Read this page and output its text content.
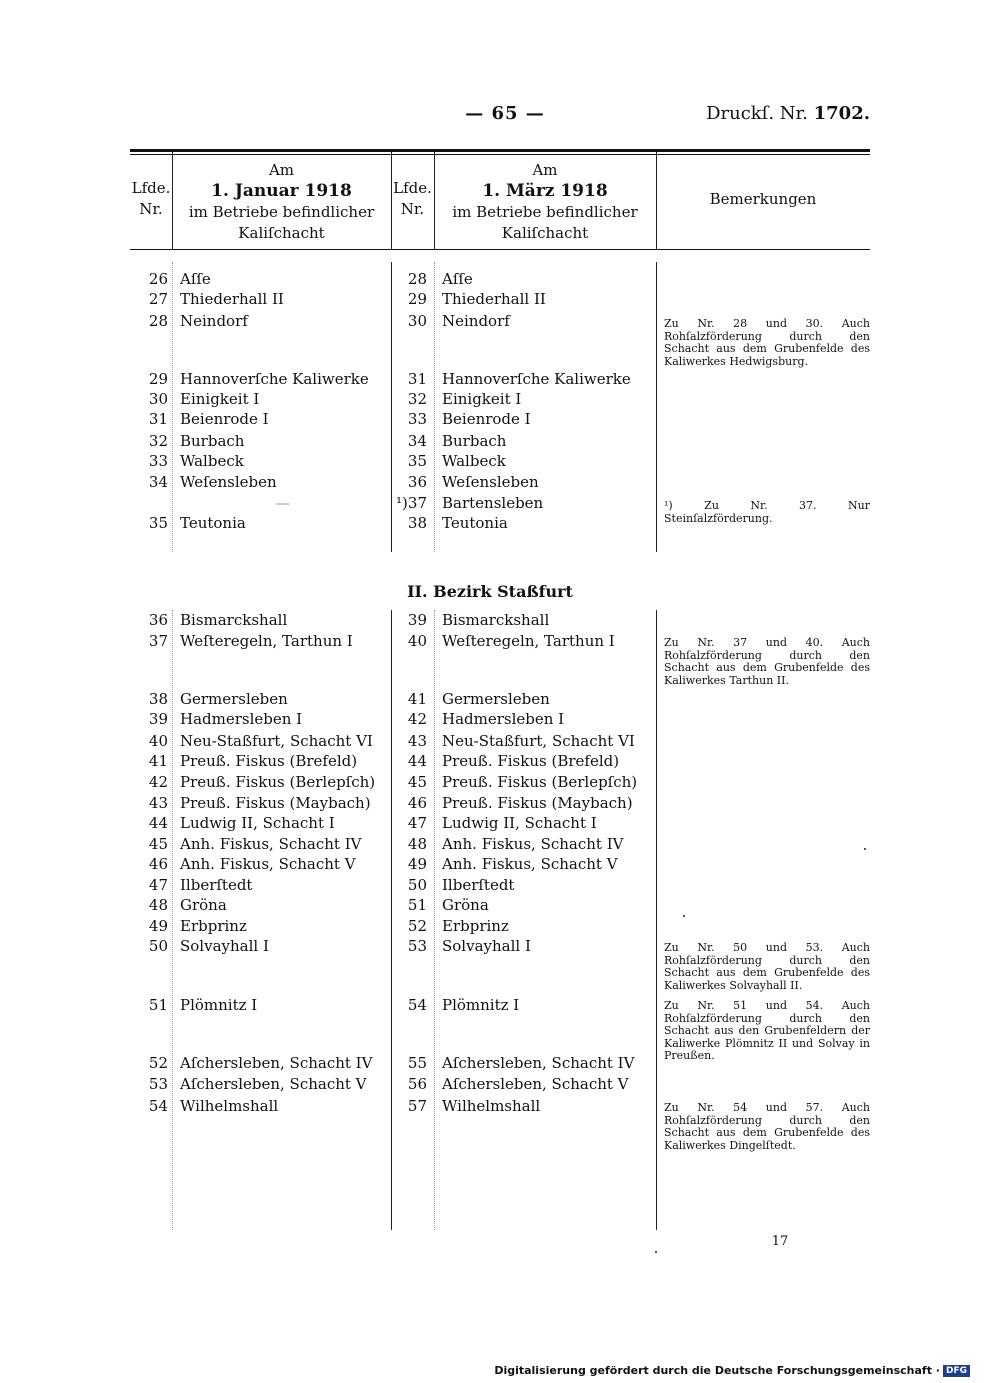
— 65 —	Druckſ. Nr. 1702.
Lfde.
Nr.
Am
1. Januar 1918
im Betriebe befindlicher
Kaliſchacht
Lfde.
Nr.
Am
1. März 1918
im Betriebe befindlicher
Kaliſchacht
Bemerkungen
26 Aſſe	28 Aſſe
27 Thiederhall II	29 Thiederhall II
28 Neindorf	30 Neindorf
29 Hannoverſche Kaliwerke	31 Hannoverſche Kaliwerke
30 Einigkeit I	32 Einigkeit I
31 Beienrode I	33 Beienrode I
32 Burbach	34 Burbach
33 Walbeck	35 Walbeck
34 Weſensleben	36 Weſensleben
—	¹)37 Bartensleben
35 Teutonia	38 Teutonia
II. Bezirk Staßfurt
36 Bismarckshall	39 Bismarckshall
37 Weſteregeln, Tarthun I	40 Weſteregeln, Tarthun I
38 Germersleben	41 Germersleben
39 Hadmersleben I	42 Hadmersleben I
40 Neu-Staßfurt, Schacht VI	43 Neu-Staßfurt, Schacht VI
41 Preuß. Fiskus (Brefeld)	44 Preuß. Fiskus (Brefeld)
42 Preuß. Fiskus (Berlepſch)	45 Preuß. Fiskus (Berlepſch)
43 Preuß. Fiskus (Maybach)	46 Preuß. Fiskus (Maybach)
44 Ludwig II, Schacht I	47 Ludwig II, Schacht I
45 Anh. Fiskus, Schacht IV	48 Anh. Fiskus, Schacht IV
46 Anh. Fiskus, Schacht V	49 Anh. Fiskus, Schacht V
47 Ilberſtedt	50 Ilberſtedt
48 Gröna	51 Gröna
49 Erbprinz	52 Erbprinz
50 Solvayhall I	53 Solvayhall I
51 Plömnitz I	54 Plömnitz I
52 Aſchersleben, Schacht IV	55 Aſchersleben, Schacht IV
53 Aſchersleben, Schacht V	56 Aſchersleben, Schacht V
54 Wilhelmshall	57 Wilhelmshall
Zu Nr. 28 und 30. Auch Rohſalzförderung durch den Schacht aus dem Grubenfelde des Kaliwerkes Hedwigsburg.
¹) Zu Nr. 37. Nur Steinſalzförderung.
Zu Nr. 37 und 40. Auch Rohſalzförderung durch den Schacht aus dem Grubenfelde des Kaliwerkes Tarthun II.
Zu Nr. 50 und 53. Auch Rohſalzförderung durch den Schacht aus dem Grubenfelde des Kaliwerkes Solvayhall II.
Zu Nr. 51 und 54. Auch Rohſalzförderung durch den Schacht aus den Grubenfeldern der Kaliwerke Plömnitz II und Solvay in Preußen.
Zu Nr. 54 und 57. Auch Rohſalzförderung durch den Schacht aus dem Grubenfelde des Kaliwerkes Dingelſtedt.
17
Digitalisierung gefördert durch die Deutsche Forschungsgemeinschaft · DFG
